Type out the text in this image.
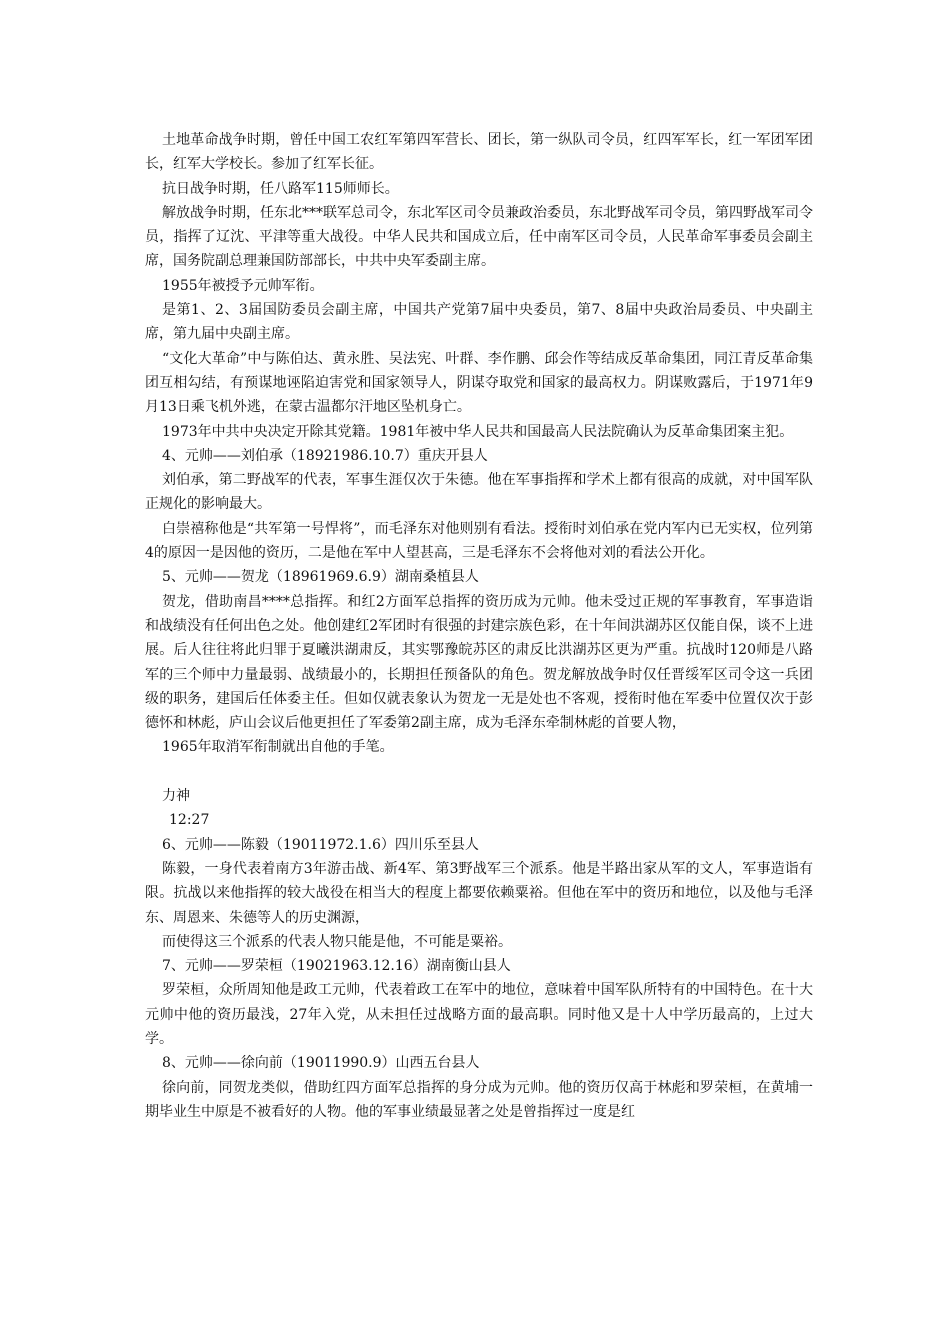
土地革命战争时期，曾任中国工农红军第四军营长、团长，第一纵队司令员，红四军军长，红一军团军团长，红军大学校长。参加了红军长征。

抗日战争时期，任八路军115师师长。

解放战争时期，任东北***联军总司令，东北军区司令员兼政治委员，东北野战军司令员，第四野战军司令员，指挥了辽沈、平津等重大战役。中华人民共和国成立后，任中南军区司令员，人民革命军事委员会副主席，国务院副总理兼国防部部长，中共中央军委副主席。

1955年被授予元帅军衔。

是第1、2、3届国防委员会副主席，中国共产党第7届中央委员，第7、8届中央政治局委员、中央副主席，第九届中央副主席。

“文化大革命”中与陈伯达、黄永胜、吴法宪、叶群、李作鹏、邱会作等结成反革命集团，同江青反革命集团互相勾结，有预谋地诬陷迫害党和国家领导人，阴谋夺取党和国家的最高权力。阴谋败露后，于1971年9月13日乘飞机外逃，在蒙古温都尔汗地区坠机身亡。

1973年中共中央决定开除其党籍。1981年被中华人民共和国最高人民法院确认为反革命集团案主犯。

4、元帅——刘伯承（18921986.10.7）重庆开县人

刘伯承，第二野战军的代表，军事生涯仅次于朱德。他在军事指挥和学术上都有很高的成就，对中国军队正规化的影响最大。

白崇禧称他是“共军第一号悍将”，而毛泽东对他则别有看法。授衔时刘伯承在党内军内已无实权，位列第4的原因一是因他的资历，二是他在军中人望甚高，三是毛泽东不会将他对刘的看法公开化。

5、元帅——贺龙（18961969.6.9）湖南桑植县人

贺龙，借助南昌****总指挥。和红2方面军总指挥的资历成为元帅。他未受过正规的军事教育，军事造诣和战绩没有任何出色之处。他创建红2军团时有很强的封建宗族色彩，在十年间洪湖苏区仅能自保，谈不上进展。后人往往将此归罪于夏曦洪湖肃反，其实鄂豫皖苏区的肃反比洪湖苏区更为严重。抗战时120师是八路军的三个师中力量最弱、战绩最小的，长期担任预备队的角色。贺龙解放战争时仅任晋绥军区司令这一兵团级的职务，建国后任体委主任。但如仅就表象认为贺龙一无是处也不客观，授衔时他在军委中位置仅次于彭德怀和林彪，庐山会议后他更担任了军委第2副主席，成为毛泽东牵制林彪的首要人物，

1965年取消军衔制就出自他的手笔。

力神

12:27

6、元帅——陈毅（19011972.1.6）四川乐至县人

陈毅，一身代表着南方3年游击战、新4军、第3野战军三个派系。他是半路出家从军的文人，军事造诣有限。抗战以来他指挥的较大战役在相当大的程度上都要依赖粟裕。但他在军中的资历和地位，以及他与毛泽东、周恩来、朱德等人的历史渊源，

而使得这三个派系的代表人物只能是他，不可能是粟裕。

7、元帅——罗荣桓（19021963.12.16）湖南衡山县人

罗荣桓，众所周知他是政工元帅，代表着政工在军中的地位，意味着中国军队所特有的中国特色。在十大元帅中他的资历最浅，27年入党，从未担任过战略方面的最高职。同时他又是十人中学历最高的，上过大学。

8、元帅——徐向前（19011990.9）山西五台县人

徐向前，同贺龙类似，借助红四方面军总指挥的身分成为元帅。他的资历仅高于林彪和罗荣桓，在黄埔一期毕业生中原是不被看好的人物。他的军事业绩最显著之处是曾指挥过一度是红
